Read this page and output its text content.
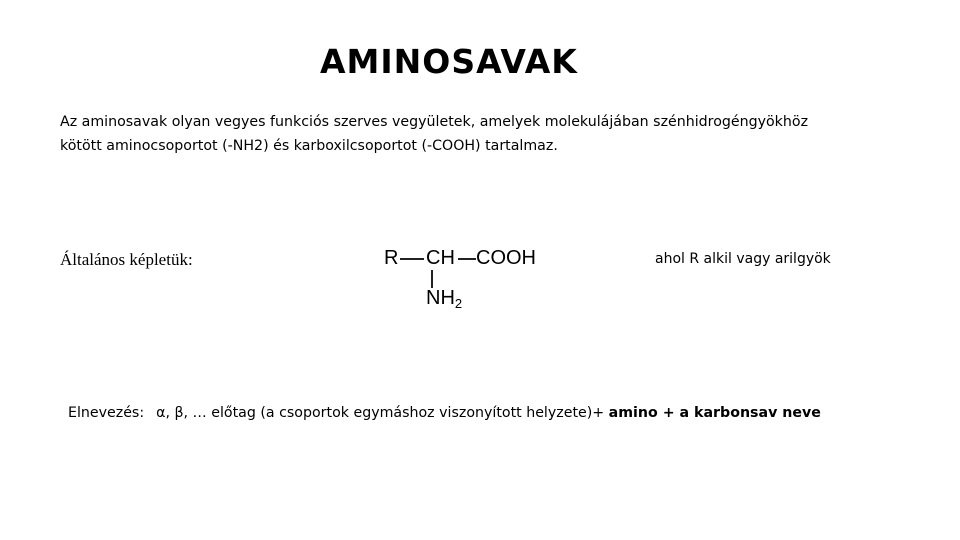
AMINOSAVAK
Az aminosavak olyan vegyes funkciós szerves vegyületek, amelyek molekulájában szénhidrogéngyökhöz
kötött aminocsoportot (-NH2) és karboxilcsoportot (-COOH) tartalmaz.
Általános képletük:	R CH COOH
$NH_2$
ahol R alkil vagy arilgyök
Elnevezés: α, β, … előtag (a csoportok egymáshoz viszonyított helyzete)+ amino + a karbonsav neve
